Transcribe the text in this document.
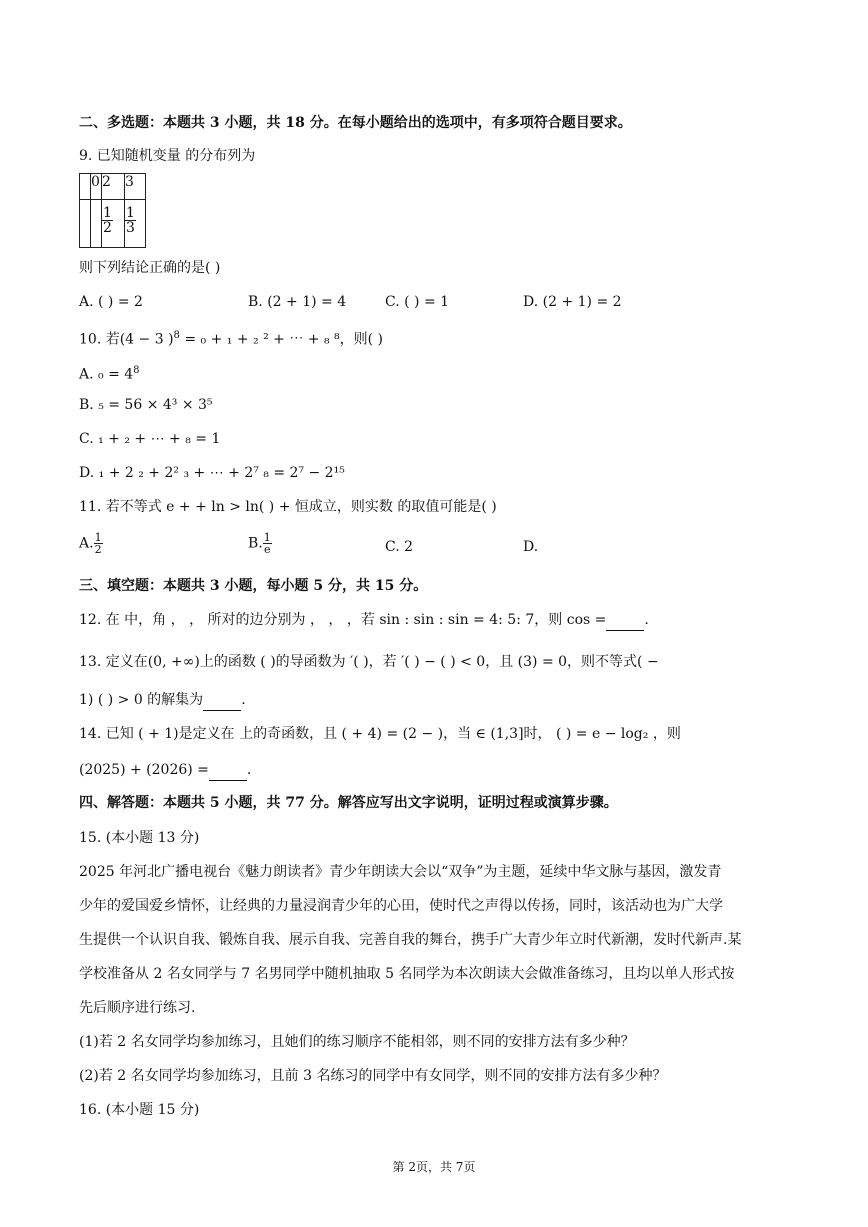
二、多选题：本题共 3 小题，共 18 分。在每小题给出的选项中，有多项符合题目要求。
9. 已知随机变量 的分布列为
	0	2	3

		$\frac{1}{2}$	$\frac{1}{3}$
则下列结论正确的是( )
A. ( ) = 2	B. (2 + 1) = 4	C. ( ) = 1	D. (2 + 1) = 2
10. 若(4 − 3 )$^8$ = ₀ + ₁ + ₂ ² + ⋯ + ₈ ⁸，则( )
A. $_0 = 4^8$
B. ₅ = 56 × 4³ × 3⁵
C. ₁ + ₂ + ⋯ + ₈ = 1
D. ₁ + 2 ₂ + 2² ₃ + ⋯ + 2⁷ ₈ = 2⁷ − 2¹⁵
11. 若不等式 e + + ln > ln( ) + 恒成立，则实数 的取值可能是( )
A. $\frac{1}{2}$	B. $\frac{1}{e}$	C. 2	D.
三、填空题：本题共 3 小题，每小题 5 分，共 15 分。
12. 在 中，角 ， ， 所对的边分别为 ， ， ，若 sin : sin : sin = 4: 5: 7，则 cos =	.
13. 定义在(0, +∞)上的函数 ( )的导函数为 ′( )，若 ′( ) − ( ) < 0，且 (3) = 0，则不等式( −
1) ( ) > 0 的解集为	.
14. 已知 ( + 1)是定义在 上的奇函数，且 ( + 4) = (2 − )，当 ∈ (1,3]时， ( ) = e − log₂ ，则
(2025) + (2026) =	.
四、解答题：本题共 5 小题，共 77 分。解答应写出文字说明，证明过程或演算步骤。
15. (本小题 13 分)
2025 年河北广播电视台《魅力朗读者》青少年朗读大会以“双争”为主题，延续中华文脉与基因，激发青
少年的爱国爱乡情怀，让经典的力量浸润青少年的心田，使时代之声得以传扬，同时，该活动也为广大学
生提供一个认识自我、锻炼自我、展示自我、完善自我的舞台，携手广大青少年立时代新潮，发时代新声.某
学校准备从 2 名女同学与 7 名男同学中随机抽取 5 名同学为本次朗读大会做准备练习，且均以单人形式按
先后顺序进行练习.
(1)若 2 名女同学均参加练习，且她们的练习顺序不能相邻，则不同的安排方法有多少种？
(2)若 2 名女同学均参加练习，且前 3 名练习的同学中有女同学，则不同的安排方法有多少种？
16. (本小题 15 分)
第 2页，共 7页
